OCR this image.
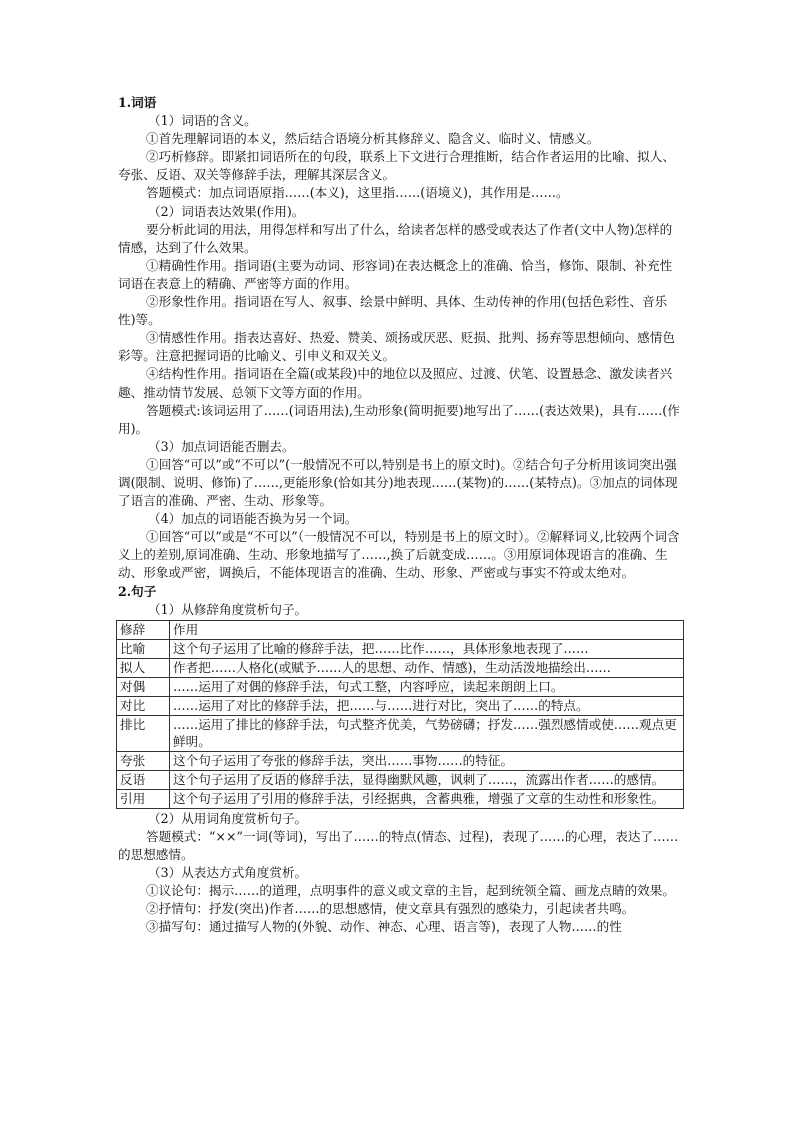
1.词语

（1）词语的含义。

①首先理解词语的本义，然后结合语境分析其修辞义、隐含义、临时义、情感义。

②巧析修辞。即紧扣词语所在的句段，联系上下文进行合理推断，结合作者运用的比喻、拟人、夸张、反语、双关等修辞手法，理解其深层含义。

答题模式：加点词语原指……(本义)，这里指……(语境义)，其作用是……。

（2）词语表达效果(作用)。

要分析此词的用法，用得怎样和写出了什么，给读者怎样的感受或表达了作者(文中人物)怎样的情感，达到了什么效果。

①精确性作用。指词语(主要为动词、形容词)在表达概念上的准确、恰当，修饰、限制、补充性词语在表意上的精确、严密等方面的作用。

②形象性作用。指词语在写人、叙事、绘景中鲜明、具体、生动传神的作用(包括色彩性、音乐性)等。

③情感性作用。指表达喜好、热爱、赞美、颂扬或厌恶、贬损、批判、扬弃等思想倾向、感情色彩等。注意把握词语的比喻义、引申义和双关义。

④结构性作用。指词语在全篇(或某段)中的地位以及照应、过渡、伏笔、设置悬念、激发读者兴趣、推动情节发展、总领下文等方面的作用。

答题模式:该词运用了……(词语用法),生动形象(简明扼要)地写出了……(表达效果)，具有……(作用)。

（3）加点词语能否删去。

①回答“可以”或“不可以”(一般情况不可以,特别是书上的原文时)。②结合句子分析用该词突出强调(限制、说明、修饰)了……,更能形象(恰如其分)地表现……(某物)的……(某特点)。③加点的词体现了语言的准确、严密、生动、形象等。

（4）加点的词语能否换为另一个词。

①回答“可以”或是“不可以”（一般情况不可以，特别是书上的原文时）。②解释词义,比较两个词含义上的差别,原词准确、生动、形象地描写了……,换了后就变成……。③用原词体现语言的准确、生动、形象或严密，调换后，不能体现语言的准确、生动、形象、严密或与事实不符或太绝对。

2.句子

（1）从修辞角度赏析句子。

修辞	作用
比喻	这个句子运用了比喻的修辞手法，把……比作……，具体形象地表现了……
拟人	作者把……人格化(或赋予……人的思想、动作、情感)，生动活泼地描绘出……
对偶	……运用了对偶的修辞手法，句式工整，内容呼应，读起来朗朗上口。
对比	……运用了对比的修辞手法，把……与……进行对比，突出了……的特点。
排比	……运用了排比的修辞手法，句式整齐优美，气势磅礴；抒发……强烈感情或使……观点更鲜明。
夸张	这个句子运用了夸张的修辞手法，突出……事物……的特征。
反语	这个句子运用了反语的修辞手法，显得幽默风趣，讽刺了……，流露出作者……的感情。
引用	这个句子运用了引用的修辞手法，引经据典，含蓄典雅，增强了文章的生动性和形象性。

（2）从用词角度赏析句子。

答题模式：“××”一词(等词)，写出了……的特点(情态、过程)，表现了……的心理，表达了……的思想感情。

（3）从表达方式角度赏析。

①议论句：揭示……的道理，点明事件的意义或文章的主旨，起到统领全篇、画龙点睛的效果。

②抒情句：抒发(突出)作者……的思想感情，使文章具有强烈的感染力，引起读者共鸣。

③描写句：通过描写人物的(外貌、动作、神态、心理、语言等)，表现了人物……的性
